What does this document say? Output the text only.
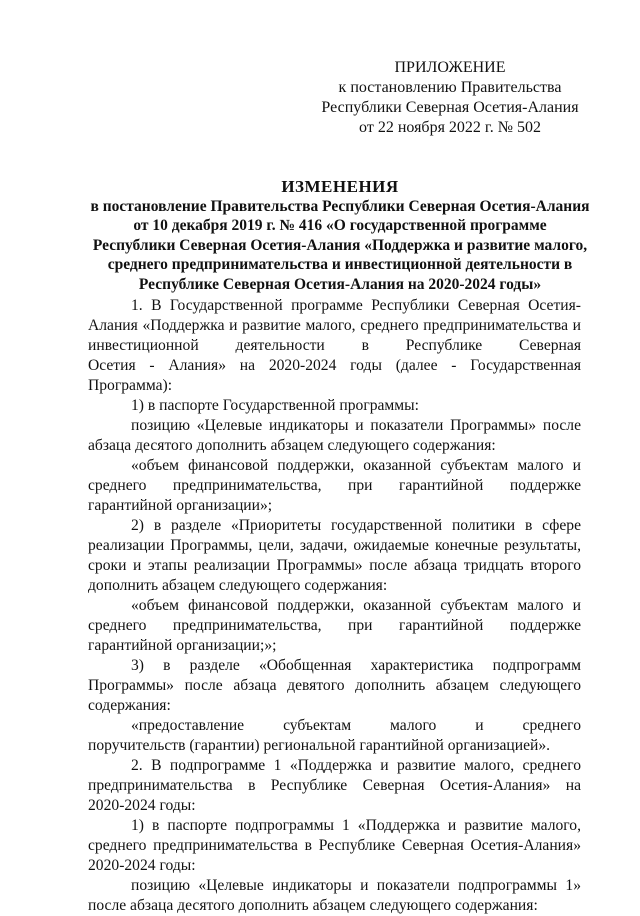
ПРИЛОЖЕНИЕ
к постановлению Правительства
Республики Северная Осетия-Алания
от 22 ноября 2022 г. № 502
ИЗМЕНЕНИЯ
в постановление Правительства Республики Северная Осетия-Алания
от 10 декабря 2019 г. № 416 «О государственной программе
Республики Северная Осетия-Алания «Поддержка и развитие малого,
среднего предпринимательства и инвестиционной деятельности в
Республике Северная Осетия-Алания на 2020-2024 годы»
1. В Государственной программе Республики Северная Осетия-
Алания «Поддержка и развитие малого, среднего предпринимательства и
инвестиционной деятельности в Республике Северная
Осетия - Алания» на 2020-2024 годы (далее - Государственная
Программа):
1) в паспорте Государственной программы:
позицию «Целевые индикаторы и показатели Программы» после
абзаца десятого дополнить абзацем следующего содержания:
«объем финансовой поддержки, оказанной субъектам малого и
среднего предпринимательства, при гарантийной поддержке
гарантийной организации»;
2) в разделе «Приоритеты государственной политики в сфере
реализации Программы, цели, задачи, ожидаемые конечные результаты,
сроки и этапы реализации Программы» после абзаца тридцать второго
дополнить абзацем следующего содержания:
«объем финансовой поддержки, оказанной субъектам малого и
среднего предпринимательства, при гарантийной поддержке
гарантийной организации;»;
3) в разделе «Обобщенная характеристика подпрограмм
Программы» после абзаца девятого дополнить абзацем следующего
содержания:
«предоставление субъектам малого и среднего
поручительств (гарантии) региональной гарантийной организацией».
2. В подпрограмме 1 «Поддержка и развитие малого, среднего
предпринимательства в Республике Северная Осетия-Алания» на
2020-2024 годы:
1) в паспорте подпрограммы 1 «Поддержка и развитие малого,
среднего предпринимательства в Республике Северная Осетия-Алания»
2020-2024 годы:
позицию «Целевые индикаторы и показатели подпрограммы 1»
после абзаца десятого дополнить абзацем следующего содержания:
